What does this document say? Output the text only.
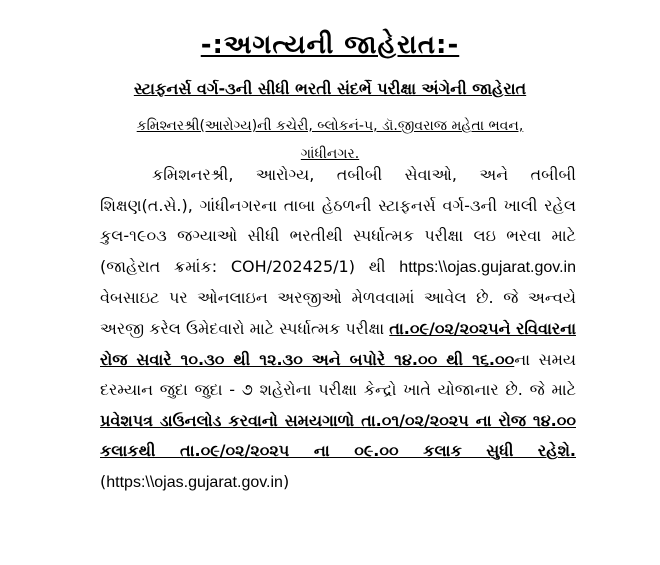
-:અગત્યની જાહેરાત:-
સ્ટાફનર્સ વર્ગ-૩ની સીધી ભરતી સંદર્ભે પરીક્ષા અંગેની જાહેરાત
કમિશ્નરશ્રી(આરોગ્ય)ની કચેરી, બ્લોકનં-૫, ડૉ.જીવરાજ મહેતા ભવન,
ગાંધીનગર.
કમિશનરશ્રી, આરોગ્ય, તબીબી સેવાઓ, અને તબીબી શિક્ષણ(ત.સે.), ગાંધીનગરના તાબા હેઠળની સ્ટાફનર્સ વર્ગ-૩ની ખાલી રહેલ કુલ-૧૯૦૩ જગ્યાઓ સીધી ભરતીથી સ્પર્ધાત્મક પરીક્ષા લઇ ભરવા માટે (જાહેરાત ક્રમાંક: COH/202425/1) થી https:\\ojas.gujarat.gov.in વેબસાઇટ પર ઓનલાઇન અરજીઓ મેળવવામાં આવેલ છે. જે અન્વયે અરજી કરેલ ઉમેદવારો માટે સ્પર્ધાત્મક પરીક્ષા તા.૦૯/૦૨/૨૦૨૫ને રવિવારના રોજ સવારે ૧૦.૩૦ થી ૧૨.૩૦ અને બપોરે ૧૪.૦૦ થી ૧૬.૦૦ના સમય દરમ્યાન જુદા જુદા - ૭ શહેરોના પરીક્ષા કેન્દ્રો ખાતે યોજાનાર છે. જે માટે પ્રવેશપત્ર ડાઉનલોડ કરવાનો સમયગાળો તા.૦૧/૦૨/૨૦૨૫ ના રોજ ૧૪.૦૦ કલાકથી તા.૦૯/૦૨/૨૦૨૫ ના ૦૯.૦૦ કલાક સુધી રહેશે. (https:\\ojas.gujarat.gov.in)
